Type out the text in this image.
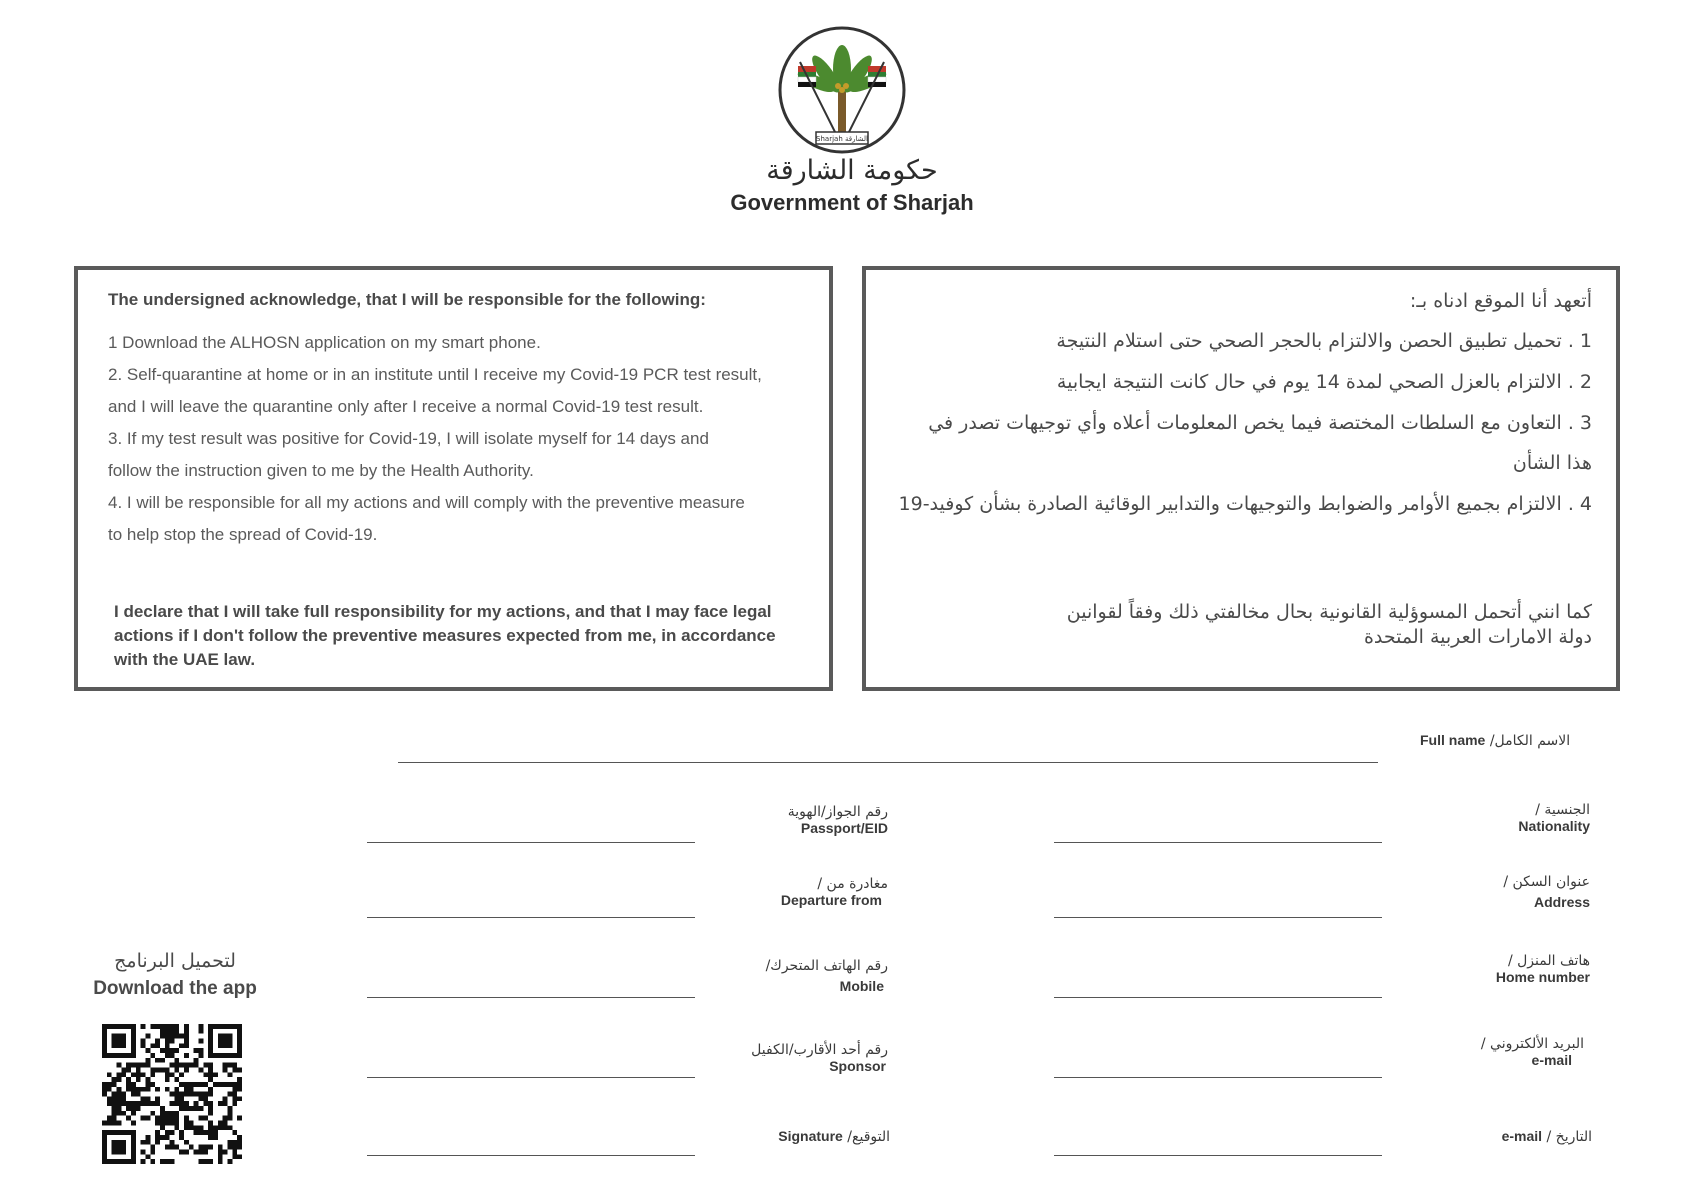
Sharjah الشارقة
حكومة الشارقة
Government of Sharjah
The undersigned acknowledge, that I will be responsible for the following:
1 Download the ALHOSN application on my smart phone.
2. Self-quarantine at home or in an institute until I receive my Covid-19 PCR test result,
and I will leave the quarantine only after I receive a normal Covid-19 test result.
3. If my test result was positive for Covid-19, I will isolate myself for 14 days and
follow the instruction given to me by the Health Authority.
4. I will be responsible for all my actions and will comply with the preventive measure
to help stop the spread of Covid-19.
I declare that I will take full responsibility for my actions, and that I may face legal actions if I don't follow the preventive measures expected from me, in accordance with the UAE law.
أتعهد أنا الموقع ادناه بـ:
1 . تحميل تطبيق الحصن والالتزام بالحجر الصحي حتى استلام النتيجة
2 . الالتزام بالعزل الصحي لمدة 14 يوم في حال كانت النتيجة ايجابية
3 . التعاون مع السلطات المختصة فيما يخص المعلومات أعلاه وأي توجيهات تصدر في
هذا الشأن
4 . الالتزام بجميع الأوامر والضوابط والتوجيهات والتدابير الوقائية الصادرة بشأن كوفيد-19
كما انني أتحمل المسوؤلية القانونية بحال مخالفتي ذلك وفقاً لقوانين
دولة الامارات العربية المتحدة
Full name /الاسم الكامل
الجنسية /
Nationality
عنوان السكن /
Address
هاتف المنزل /
Home number
البريد الألكتروني /
e-mail
e-mail / التاريخ
رقم الجواز/الهوية
Passport/EID
مغادرة من /
Departure from
رقم الهاتف المتحرك/
Mobile
رقم أحد الأقارب/الكفيل
Sponsor
Signature /التوقيع
لتحميل البرنامج
Download the app
